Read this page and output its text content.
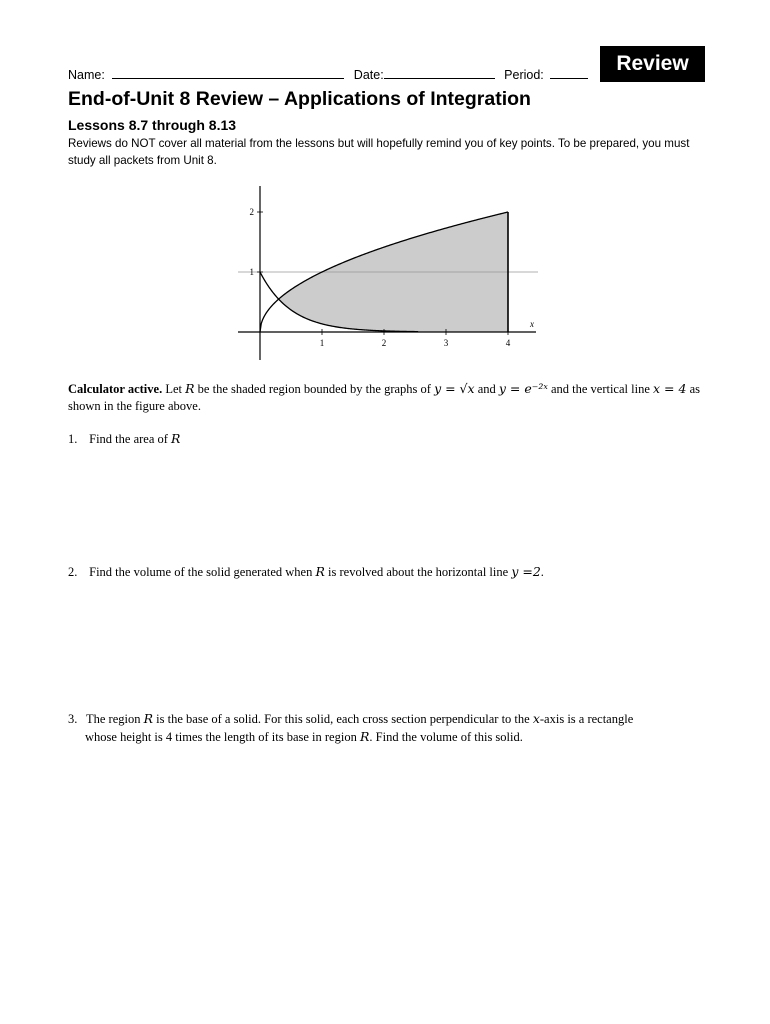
Name:	Date:	Period:	Review
End-of-Unit 8 Review – Applications of Integration
Lessons 8.7 through 8.13
Reviews do NOT cover all material from the lessons but will hopefully remind you of key points. To be prepared, you must study all packets from Unit 8.
1	2	3	4
1
2
x
Calculator active. Let R be the shaded region bounded by the graphs of y = √x and y = e⁻²ˣ and the vertical line x = 4 as shown in the figure above.
1. Find the area of R
2. Find the volume of the solid generated when R is revolved about the horizontal line y =2.
3. The region R is the base of a solid. For this solid, each cross section perpendicular to the x-axis is a rectangle
whose height is 4 times the length of its base in region R. Find the volume of this solid.
